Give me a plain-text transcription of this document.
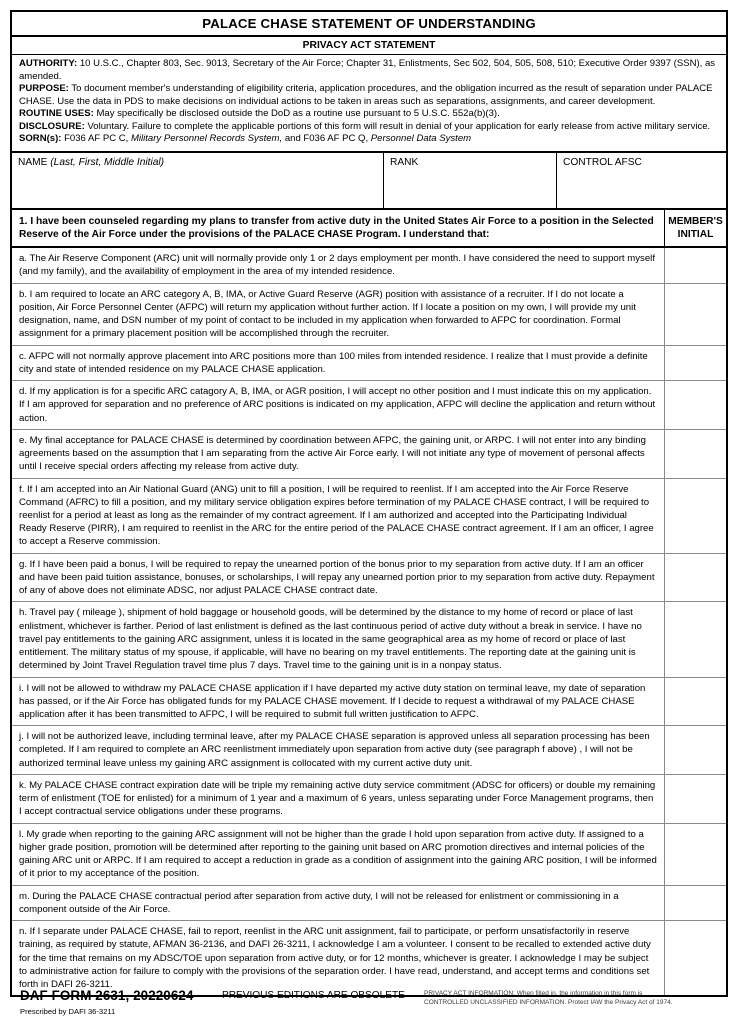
PALACE CHASE STATEMENT OF UNDERSTANDING
PRIVACY ACT STATEMENT

AUTHORITY: 10 U.S.C., Chapter 803, Sec. 9013, Secretary of the Air Force; Chapter 31, Enlistments, Sec 502, 504, 505, 508, 510; Executive Order 9397 (SSN), as amended.

PURPOSE: To document member's understanding of eligibility criteria, application procedures, and the obligation incurred as the result of separation under PALACE CHASE. Use the data in PDS to make decisions on individual actions to be taken in areas such as separations, assignments, and career development.

ROUTINE USES: May specifically be disclosed outside the DoD as a routine use pursuant to 5 U.S.C. 552a(b)(3).

DISCLOSURE: Voluntary. Failure to complete the applicable portions of this form will result in denial of your application for early release from active military service.

SORN(s): F036 AF PC C, Military Personnel Records System, and F036 AF PC Q, Personnel Data System

NAME (Last, First, Middle Initial)	RANK	CONTROL AFSC
1. I have been counseled regarding my plans to transfer from active duty in the United States Air Force to a position in the Selected Reserve of the Air Force under the provisions of the PALACE CHASE Program. I understand that:
MEMBER'S
INITIAL
a. The Air Reserve Component (ARC) unit will normally provide only 1 or 2 days employment per month. I have considered the need to support myself (and my family), and the availability of employment in the area of my intended residence.
b. I am required to locate an ARC category A, B, IMA, or Active Guard Reserve (AGR) position with assistance of a recruiter. If I do not locate a position, Air Force Personnel Center (AFPC) will return my application without further action. If I locate a position on my own, I will provide my unit designation, name, and DSN number of my point of contact to be included in my application when forwarded to AFPC for coordination. Formal assignment for a primary placement position will be accomplished through the recruiter.
c. AFPC will not normally approve placement into ARC positions more than 100 miles from intended residence. I realize that I must provide a definite city and state of intended residence on my PALACE CHASE application.
d. If my application is for a specific ARC catagory A, B, IMA, or AGR position, I will accept no other position and I must indicate this on my application. If I am approved for separation and no preference of ARC positions is indicated on my application, AFPC will decline the application and return without action.
e. My final acceptance for PALACE CHASE is determined by coordination between AFPC, the gaining unit, or ARPC. I will not enter into any binding agreements based on the assumption that I am separating from the active Air Force early. I will not initiate any type of movement of personal affects until I receive special orders affecting my release from active duty.
f. If I am accepted into an Air National Guard (ANG) unit to fill a position, I will be required to reenlist. If I am accepted into the Air Force Reserve Command (AFRC) to fill a position, and my military service obligation expires before termination of my PALACE CHASE contract, I will be required to reenlist for a period at least as long as the remainder of my contract agreement. If I am authorized and accepted into the Participating Individual Ready Reserve (PIRR), I am required to reenlist in the ARC for the entire period of the PALACE CHASE contract agreement. If I am an officer, I agree to accept a Reserve commission.
g. If I have been paid a bonus, I will be required to repay the unearned portion of the bonus prior to my separation from active duty. If I am an officer and have been paid tuition assistance, bonuses, or scholarships, I will repay any unearned portion prior to my separation from active duty. Repayment of any of above does not eliminate ADSC, nor adjust PALACE CHASE contract date.
h. Travel pay ( mileage ), shipment of hold baggage or household goods, will be determined by the distance to my home of record or place of last enlistment, whichever is farther. Period of last enlistment is defined as the last continuous period of active duty without a break in service. I have no travel pay entitlements to the gaining ARC assignment, unless it is located in the same geographical area as my home of record or place of last entitlement. The military status of my spouse, if applicable, will have no bearing on my travel entitlements. The reporting date at the gaining unit is determined by Joint Travel Regulation travel time plus 7 days. Travel time to the gaining unit is in a nonpay status.
i. I will not be allowed to withdraw my PALACE CHASE application if I have departed my active duty station on terminal leave, my date of separation has passed, or if the Air Force has obligated funds for my PALACE CHASE movement. If I decide to request a withdrawal of my PALACE CHASE application after it has been transmitted to AFPC, I will be required to submit full written justification to AFPC.
j. I will not be authorized leave, including terminal leave, after my PALACE CHASE separation is approved unless all separation processing has been completed. If I am required to complete an ARC reenlistment immediately upon separation from active duty (see paragraph f above) , I will not be authorized terminal leave unless my gaining ARC assignment is collocated with my current active duty unit.
k. My PALACE CHASE contract expiration date will be triple my remaining active duty service commitment (ADSC for officers) or double my remaining term of enlistment (TOE for enlisted) for a minimum of 1 year and a maximum of 6 years, unless separating under Force Management programs, then I accept contractual service obligations under these programs.
l. My grade when reporting to the gaining ARC assignment will not be higher than the grade I hold upon separation from active duty. If assigned to a higher grade position, promotion will be determined after reporting to the gaining unit based on ARC promotion directives and internal policies of the gaining ARC unit or ARPC. If I am required to accept a reduction in grade as a condition of assignment into the gaining ARC position, I will be informed of it prior to my acceptance of the position.
m. During the PALACE CHASE contractual period after separation from active duty, I will not be released for enlistment or commissioning in a component outside of the Air Force.
n. If I separate under PALACE CHASE, fail to report, reenlist in the ARC unit assignment, fail to participate, or perform unsatisfactorily in reserve training, as required by statute, AFMAN 36-2136, and DAFI 26-3211, I acknowledge I am a volunteer. I consent to be recalled to extended active duty for the time that remains on my ADSC/TOE upon separation from active duty, or for 12 months, whichever is greater. I acknowledge I may be subject to administrative action for failure to comply with the provisions of the separation order. I have read, understand, and accept terms and conditions set forth in DAFI 26-3211.
DAF FORM 2631, 20220624
Prescribed by DAFI 36-3211
PREVIOUS EDITIONS ARE OBSOLETE	PRIVACY ACT INFORMATION: When filled in, the information in this form is
CONTROLLED UNCLASSIFIED INFORMATION. Protect IAW the Privacy Act of 1974.
